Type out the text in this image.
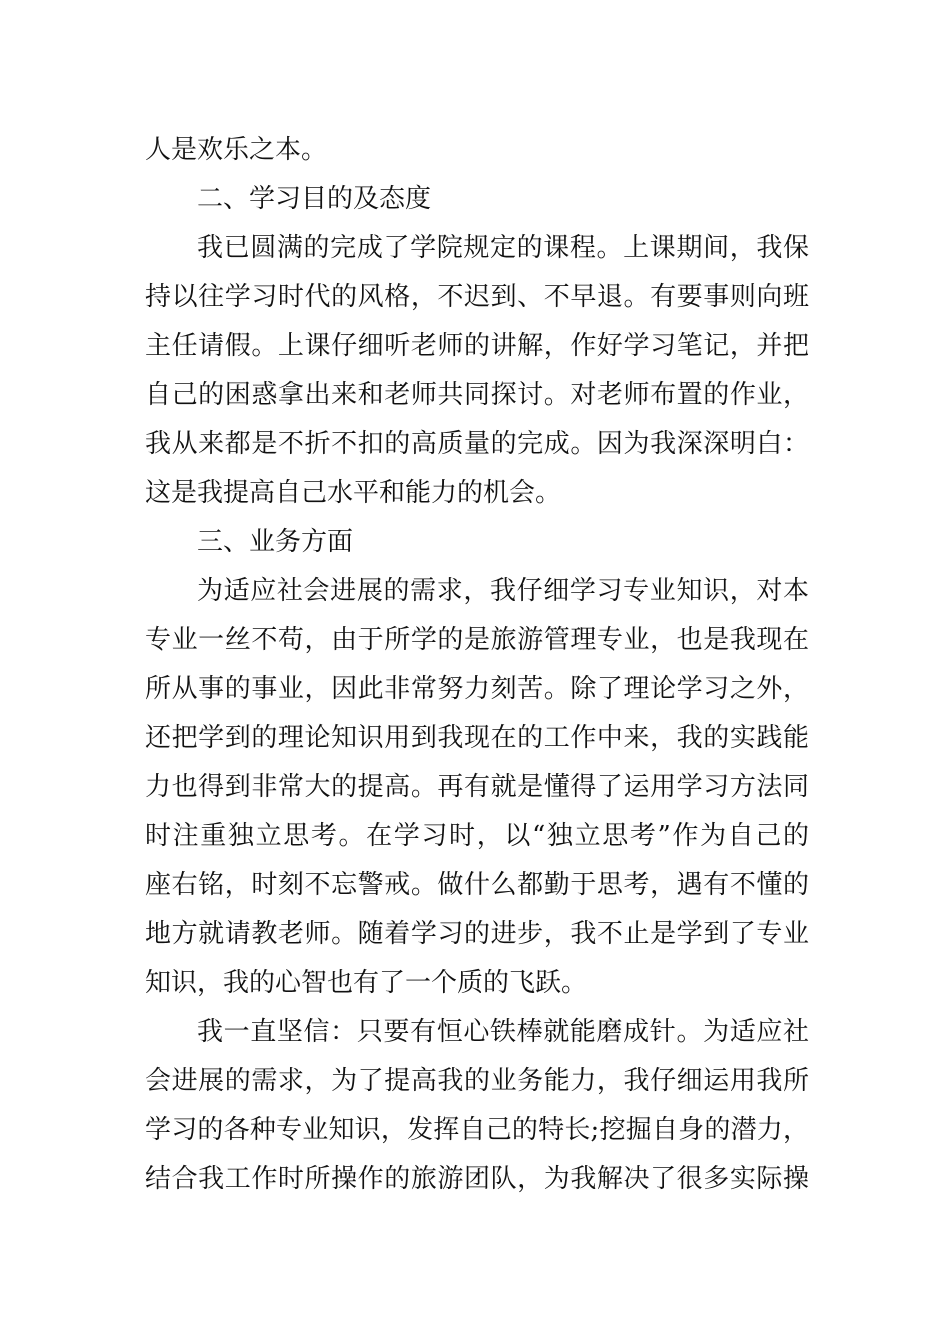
人是欢乐之本。
二、学习目的及态度
我已圆满的完成了学院规定的课程。上课期间，我保
持以往学习时代的风格，不迟到、不早退。有要事则向班
主任请假。上课仔细听老师的讲解，作好学习笔记，并把
自己的困惑拿出来和老师共同探讨。对老师布置的作业，
我从来都是不折不扣的高质量的完成。因为我深深明白：
这是我提高自己水平和能力的机会。
三、业务方面
为适应社会进展的需求，我仔细学习专业知识，对本
专业一丝不苟，由于所学的是旅游管理专业，也是我现在
所从事的事业，因此非常努力刻苦。除了理论学习之外，
还把学到的理论知识用到我现在的工作中来，我的实践能
力也得到非常大的提高。再有就是懂得了运用学习方法同
时注重独立思考。在学习时，以“独立思考”作为自己的
座右铭，时刻不忘警戒。做什么都勤于思考，遇有不懂的
地方就请教老师。随着学习的进步，我不止是学到了专业
知识，我的心智也有了一个质的飞跃。
我一直坚信：只要有恒心铁棒就能磨成针。为适应社
会进展的需求，为了提高我的业务能力，我仔细运用我所
学习的各种专业知识，发挥自己的特长;挖掘自身的潜力，
结合我工作时所操作的旅游团队，为我解决了很多实际操
